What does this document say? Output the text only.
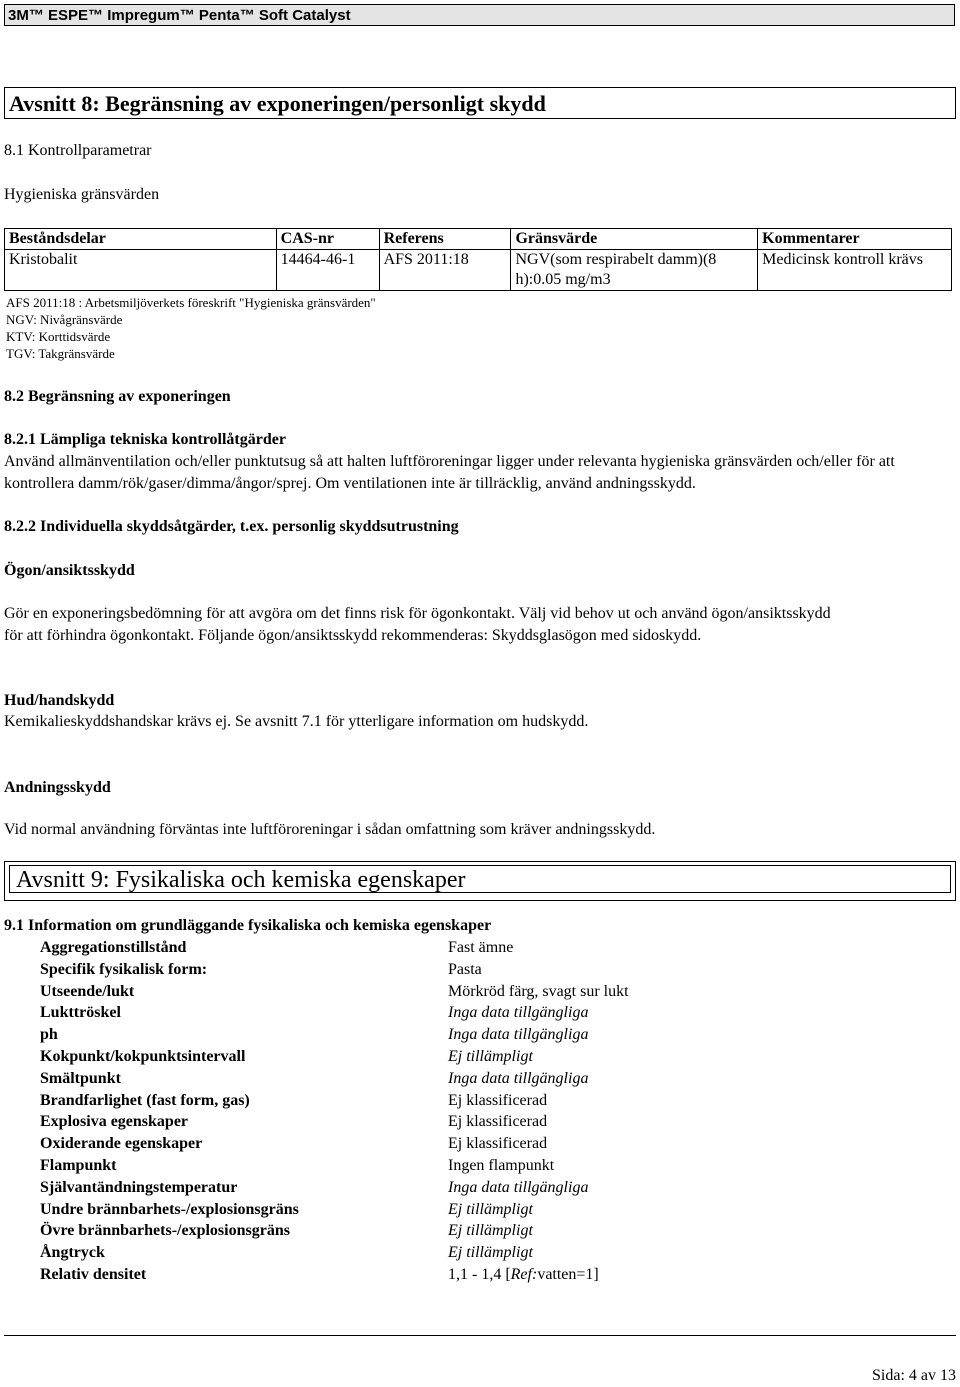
3M™ ESPE™ Impregum™ Penta™ Soft Catalyst
Avsnitt 8: Begränsning av exponeringen/personligt skydd
8.1 Kontrollparametrar
Hygieniska gränsvärden
Beståndsdelar	CAS-nr	Referens	Gränsvärde	Kommentarer
Kristobalit	14464-46-1	AFS 2011:18	NGV(som respirabelt damm)(8 h):0.05 mg/m3	Medicinsk kontroll krävs
AFS 2011:18 : Arbetsmiljöverkets föreskrift "Hygieniska gränsvärden"
NGV: Nivågränsvärde
KTV: Korttidsvärde
TGV: Takgränsvärde
8.2 Begränsning av exponeringen
8.2.1 Lämpliga tekniska kontrollåtgärder
Använd allmänventilation och/eller punktutsug så att halten luftföroreningar ligger under relevanta hygieniska gränsvärden och/eller för att kontrollera damm/rök/gaser/dimma/ångor/sprej. Om ventilationen inte är tillräcklig, använd andningsskydd.
8.2.2 Individuella skyddsåtgärder, t.ex. personlig skyddsutrustning
Ögon/ansiktsskydd
Gör en exponeringsbedömning för att avgöra om det finns risk för ögonkontakt. Välj vid behov ut och använd ögon/ansiktsskydd för att förhindra ögonkontakt. Följande ögon/ansiktsskydd rekommenderas: Skyddsglasögon med sidoskydd.
Hud/handskydd
Kemikalieskyddshandskar krävs ej. Se avsnitt 7.1 för ytterligare information om hudskydd.
Andningsskydd
Vid normal användning förväntas inte luftföroreningar i sådan omfattning som kräver andningsskydd.
Avsnitt 9: Fysikaliska och kemiska egenskaper
9.1 Information om grundläggande fysikaliska och kemiska egenskaper
Aggregationstillstånd	Fast ämne
Specifik fysikalisk form:	Pasta
Utseende/lukt	Mörkröd färg, svagt sur lukt
Lukttröskel	Inga data tillgängliga
ph	Inga data tillgängliga
Kokpunkt/kokpunktsintervall	Ej tillämpligt
Smältpunkt	Inga data tillgängliga
Brandfarlighet (fast form, gas)	Ej klassificerad
Explosiva egenskaper	Ej klassificerad
Oxiderande egenskaper	Ej klassificerad
Flampunkt	Ingen flampunkt
Självantändningstemperatur	Inga data tillgängliga
Undre brännbarhets-/explosionsgräns	Ej tillämpligt
Övre brännbarhets-/explosionsgräns	Ej tillämpligt
Ångtryck	Ej tillämpligt
Relativ densitet	1,1 - 1,4 [Ref:vatten=1]
Sida: 4 av 13
